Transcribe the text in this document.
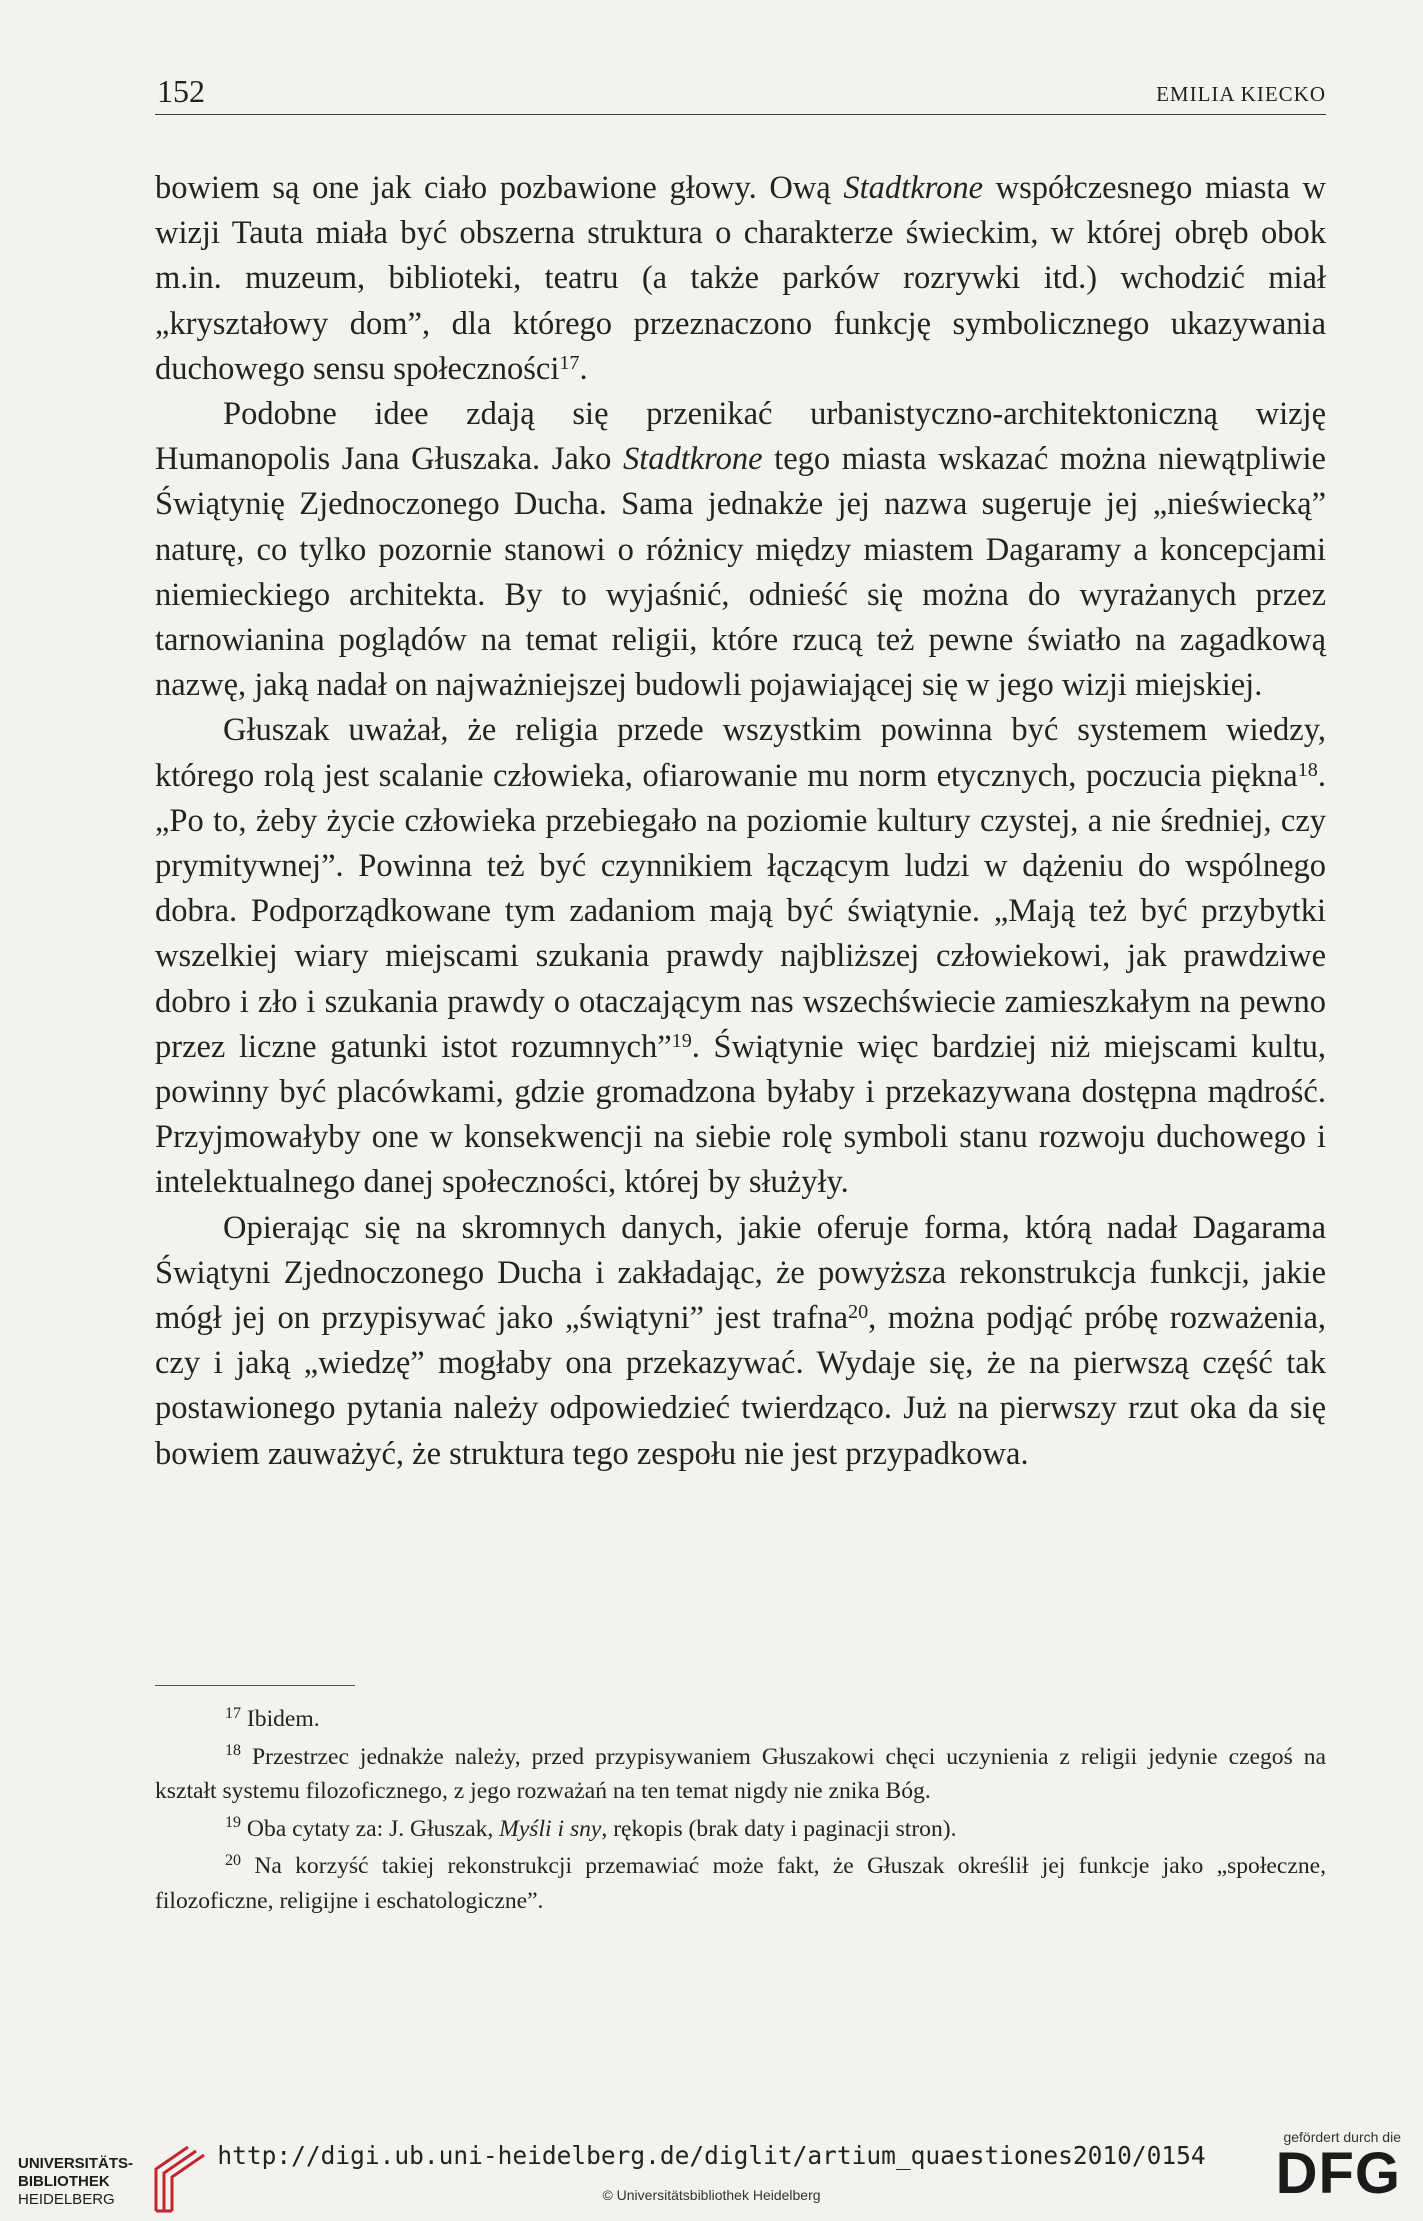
152	EMILIA KIECKO

bowiem są one jak ciało pozbawione głowy. Ową Stadtkrone współczesnego miasta w wizji Tauta miała być obszerna struktura o charakterze świeckim, w której obręb obok m.in. muzeum, biblioteki, teatru (a także parków rozrywki itd.) wchodzić miał „kryształowy dom”, dla którego przeznaczono funkcję symbolicznego ukazywania duchowego sensu społeczności$^{17}$.

Podobne idee zdają się przenikać urbanistyczno-architektoniczną wizję Humanopolis Jana Głuszaka. Jako Stadtkrone tego miasta wskazać można niewątpliwie Świątynię Zjednoczonego Ducha. Sama jednakże jej nazwa sugeruje jej „nieświecką” naturę, co tylko pozornie stanowi o różnicy między miastem Dagaramy a koncepcjami niemieckiego architekta. By to wyjaśnić, odnieść się można do wyrażanych przez tarnowianina poglądów na temat religii, które rzucą też pewne światło na zagadkową nazwę, jaką nadał on najważniejszej budowli pojawiającej się w jego wizji miejskiej.

Głuszak uważał, że religia przede wszystkim powinna być systemem wiedzy, którego rolą jest scalanie człowieka, ofiarowanie mu norm etycznych, poczucia piękna$^{18}$. „Po to, żeby życie człowieka przebiegało na poziomie kultury czystej, a nie średniej, czy prymitywnej”. Powinna też być czynnikiem łączącym ludzi w dążeniu do wspólnego dobra. Podporządkowane tym zadaniom mają być świątynie. „Mają też być przybytki wszelkiej wiary miejscami szukania prawdy najbliższej człowiekowi, jak prawdziwe dobro i zło i szukania prawdy o otaczającym nas wszechświecie zamieszkałym na pewno przez liczne gatunki istot rozumnych”$^{19}$. Świątynie więc bardziej niż miejscami kultu, powinny być placówkami, gdzie gromadzona byłaby i przekazywana dostępna mądrość. Przyjmowałyby one w konsekwencji na siebie rolę symboli stanu rozwoju duchowego i intelektualnego danej społeczności, której by służyły.

Opierając się na skromnych danych, jakie oferuje forma, którą nadał Dagarama Świątyni Zjednoczonego Ducha i zakładając, że powyższa rekonstrukcja funkcji, jakie mógł jej on przypisywać jako „świątyni” jest trafna$^{20}$, można podjąć próbę rozważenia, czy i jaką „wiedzę” mogłaby ona przekazywać. Wydaje się, że na pierwszą część tak postawionego pytania należy odpowiedzieć twierdząco. Już na pierwszy rzut oka da się bowiem zauważyć, że struktura tego zespołu nie jest przypadkowa.

$^{17}$ Ibidem.

$^{18}$ Przestrzec jednakże należy, przed przypisywaniem Głuszakowi chęci uczynienia z religii jedynie czegoś na kształt systemu filozoficznego, z jego rozważań na ten temat nigdy nie znika Bóg.

$^{19}$ Oba cytaty za: J. Głuszak, Myśli i sny, rękopis (brak daty i paginacji stron).

$^{20}$ Na korzyść takiej rekonstrukcji przemawiać może fakt, że Głuszak określił jej funkcje jako „społeczne, filozoficzne, religijne i eschatologiczne”.

UNIVERSITÄTS-
BIBLIOTHEK
HEIDELBERG
http://digi.ub.uni-heidelberg.de/diglit/artium_quaestiones2010/0154
© Universitätsbibliothek Heidelberg
gefördert durch die
DFG
